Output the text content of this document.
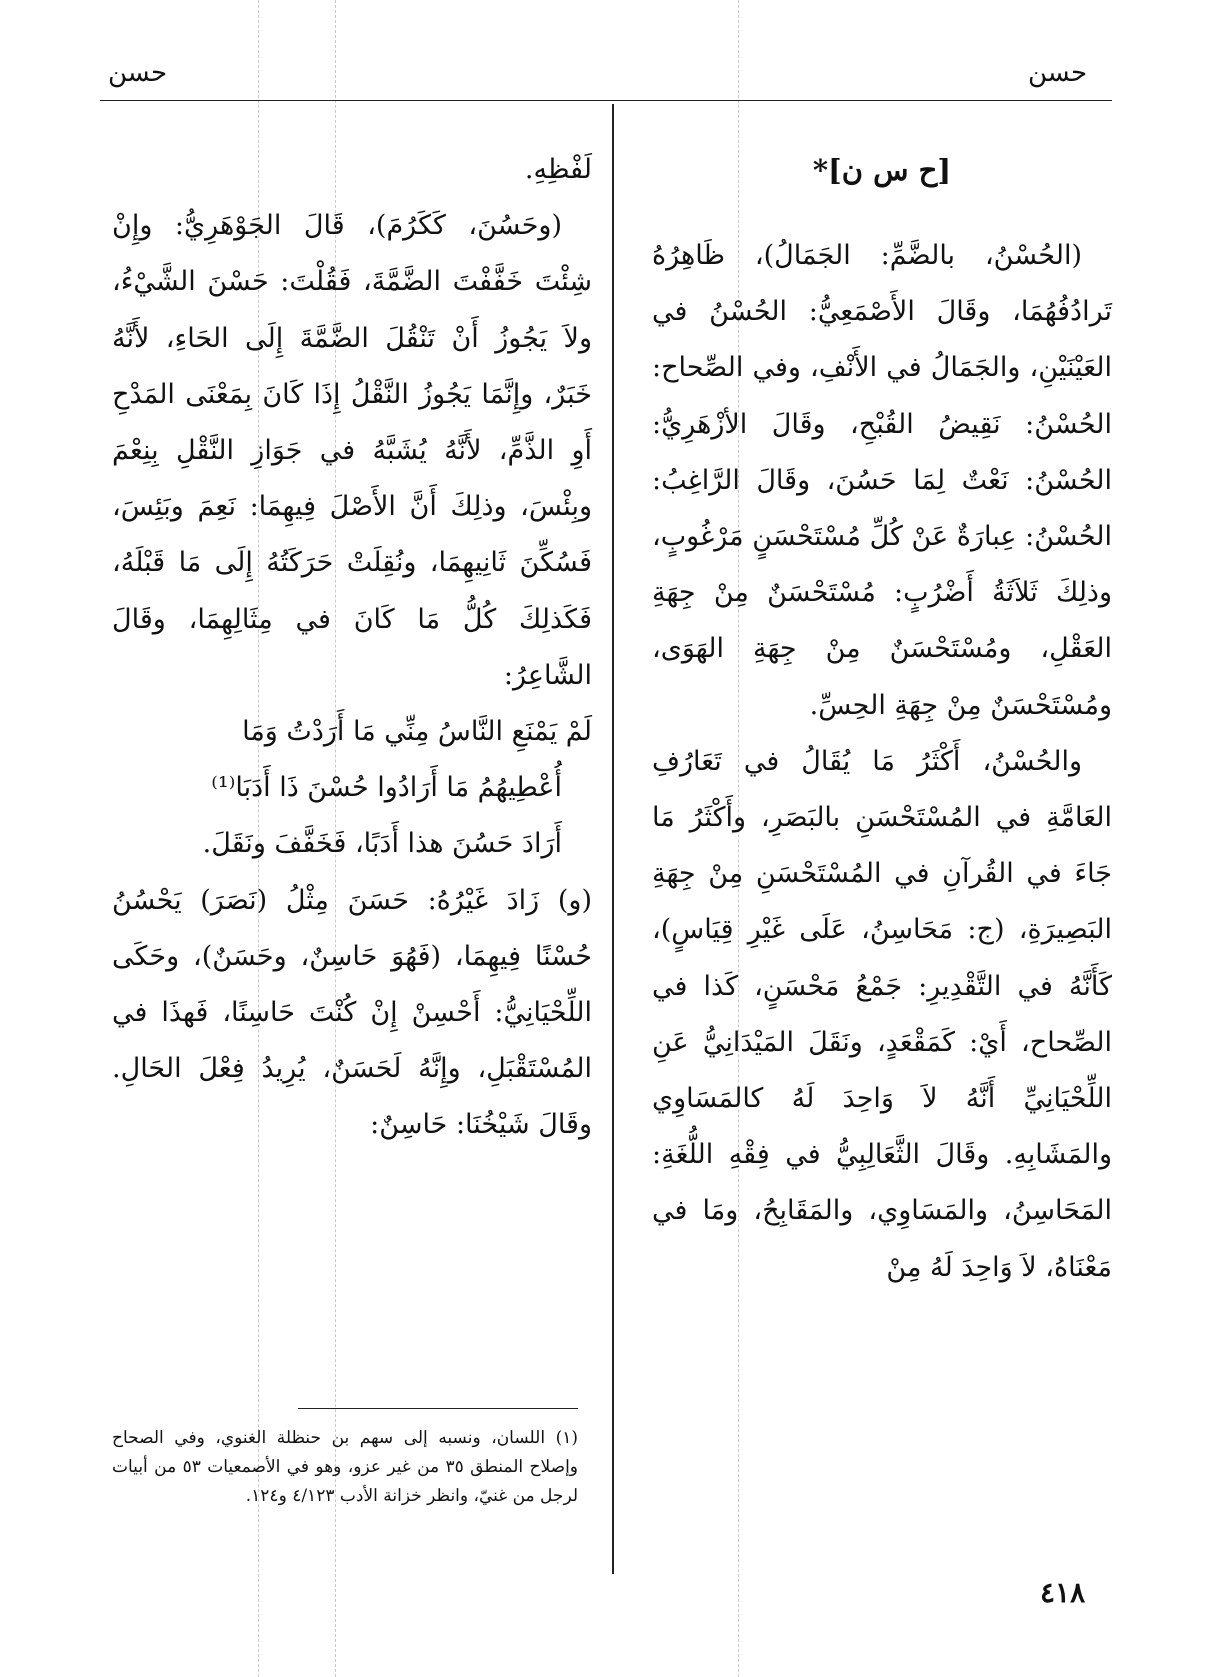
حسن	حسن
[ح س ن]*

(الحُسْنُ، بالضَّمِّ: الجَمَالُ)، ظَاهِرُهُ تَرادُفُهُمَا، وقَالَ الأَصْمَعِيُّ: الحُسْنُ في العَيْنَيْنِ، والجَمَالُ في الأَنْفِ، وفي الصِّحاح: الحُسْنُ: نَقِيضُ القُبْحِ، وقَالَ الأزْهَرِيُّ: الحُسْنُ: نَعْتٌ لِمَا حَسُنَ، وقَالَ الرَّاغِبُ: الحُسْنُ: عِبارَةٌ عَنْ كُلِّ مُسْتَحْسَنٍ مَرْغُوبٍ، وذلِكَ ثَلاَثَةُ أَضْرُبٍ: مُسْتَحْسَنٌ مِنْ جِهَةِ العَقْلِ، ومُسْتَحْسَنٌ مِنْ جِهَةِ الهَوَى، ومُسْتَحْسَنٌ مِنْ جِهَةِ الحِسِّ.

والحُسْنُ، أَكْثَرُ مَا يُقَالُ في تَعَارُفِ العَامَّةِ في المُسْتَحْسَنِ بالبَصَرِ، وأَكْثَرُ مَا جَاءَ في القُرآنِ في المُسْتَحْسَنِ مِنْ جِهَةِ البَصِيرَةِ، (ج: مَحَاسِنُ، عَلَى غَيْرِ قِيَاسٍ)، كَأَنَّهُ في التَّقْدِيرِ: جَمْعُ مَحْسَنٍ، كَذا في الصِّحاح، أَيْ: كَمَقْعَدٍ، ونَقَلَ المَيْدَانِيُّ عَنِ اللِّحْيَانِيِّ أَنَّهُ لاَ وَاحِدَ لَهُ كالمَسَاوِي والمَشَابِهِ. وقَالَ الثَّعَالِبِيُّ في فِقْهِ اللُّغَةِ: المَحَاسِنُ، والمَسَاوِي، والمَقَابِحُ، ومَا في مَعْنَاهُ، لاَ وَاحِدَ لَهُ مِنْ

لَفْظِهِ.

(وحَسُنَ، كَكَرُمَ)، قَالَ الجَوْهَرِيُّ: وإِنْ شِئْتَ خَفَّفْتَ الضَّمَّةَ، فَقُلْتَ: حَسْنَ الشَّيْءُ، ولاَ يَجُوزُ أَنْ تَنْقُلَ الضَّمَّةَ إِلَى الحَاءِ، لأَنَّهُ خَبَرٌ، وإِنَّمَا يَجُوزُ النَّقْلُ إِذَا كَانَ بِمَعْنَى المَدْحِ أَوِ الذَّمِّ، لأَنَّهُ يُشَبَّهُ في جَوَازِ النَّقْلِ بِنِعْمَ وبِئْسَ، وذلِكَ أَنَّ الأَصْلَ فِيهِمَا: نَعِمَ وبَئِسَ، فَسُكِّنَ ثَانِيهِمَا، ونُقِلَتْ حَرَكَتُهُ إِلَى مَا قَبْلَهُ، فَكَذلِكَ كُلُّ مَا كَانَ في مِثَالِهِمَا، وقَالَ الشَّاعِرُ:

لَمْ يَمْنَعِ النَّاسُ مِنِّي مَا أَرَدْتُ وَمَا

أُعْطِيهُمُ مَا أَرَادُوا حُسْنَ ذَا أَدَبَا⁽¹⁾

أَرَادَ حَسُنَ هذا أَدَبًا، فَخَفَّفَ ونَقَلَ.

(و) زَادَ غَيْرُهُ: حَسَنَ مِثْلُ (نَصَرَ) يَحْسُنُ حُسْنًا فِيهِمَا، (فَهُوَ حَاسِنٌ، وحَسَنٌ)، وحَكَى اللِّحْيَانِيُّ: أَحْسِنْ إِنْ كُنْتَ حَاسِنًا، فَهذَا في المُسْتَقْبَلِ، وإِنَّهُ لَحَسَنٌ، يُرِيدُ فِعْلَ الحَالِ. وقَالَ شَيْخُنَا: حَاسِنٌ:

(١) اللسان، ونسبه إلى سهم بن حنظلة الغنوي، وفي الصحاح وإصلاح المنطق ٣٥ من غير عزو، وهو في الأصمعيات ٥٣ من أبيات لرجل من غنيّ، وانظر خزانة الأدب ٤/١٢٣ و١٢٤.
٤١٨
